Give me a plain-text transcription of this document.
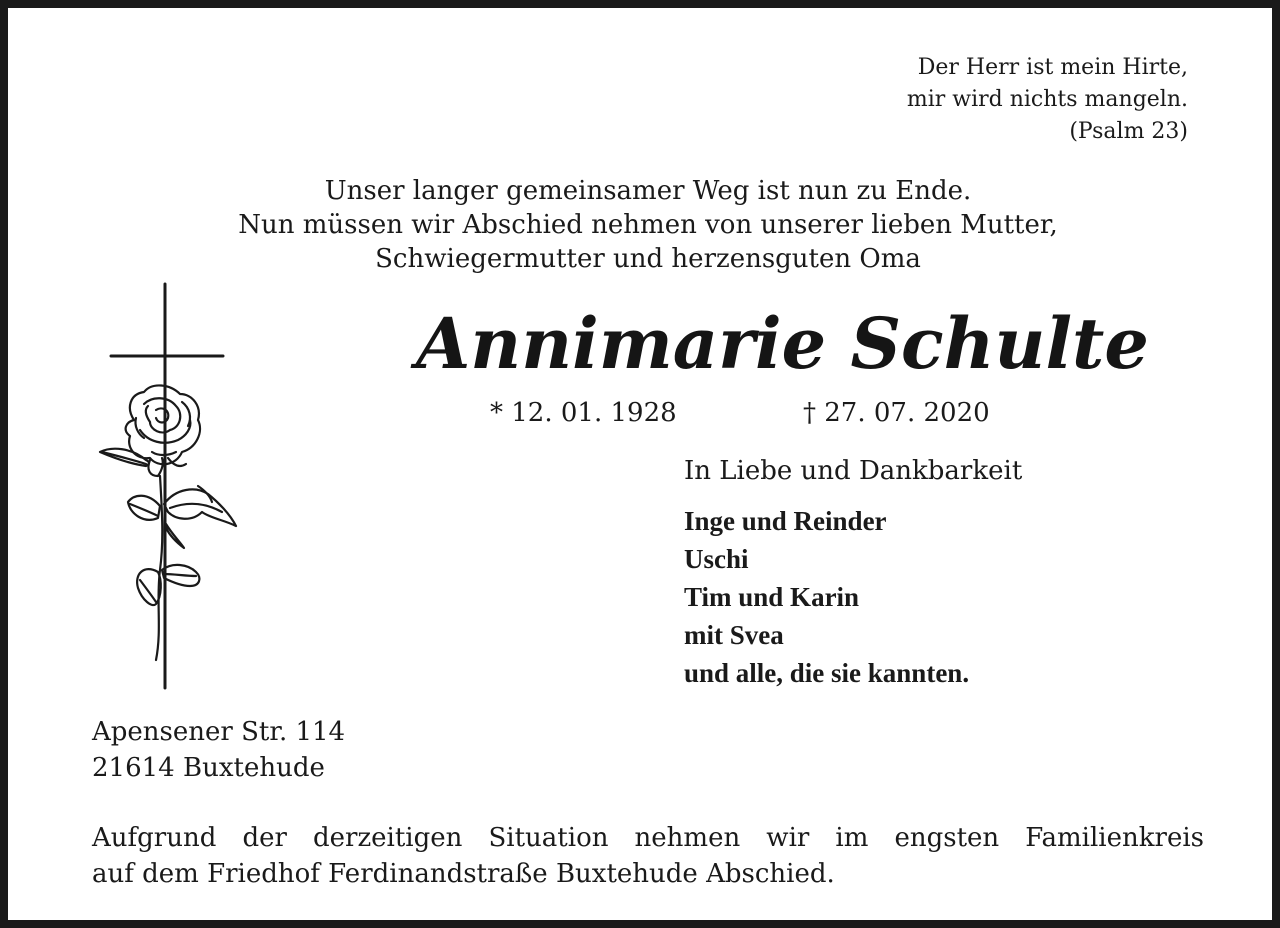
Der Herr ist mein Hirte,
mir wird nichts mangeln.
(Psalm 23)
Unser langer gemeinsamer Weg ist nun zu Ende.
Nun müssen wir Abschied nehmen von unserer lieben Mutter,
Schwiegermutter und herzensguten Oma
Annimarie Schulte
* 12. 01. 1928	† 27. 07. 2020
In Liebe und Dankbarkeit
Inge und Reinder
Uschi
Tim und Karin
mit Svea
und alle, die sie kannten.
Apensener Str. 114
21614 Buxtehude
Aufgrund der derzeitigen Situation nehmen wir im engsten Familienkreis
auf dem Friedhof Ferdinandstraße Buxtehude Abschied.
